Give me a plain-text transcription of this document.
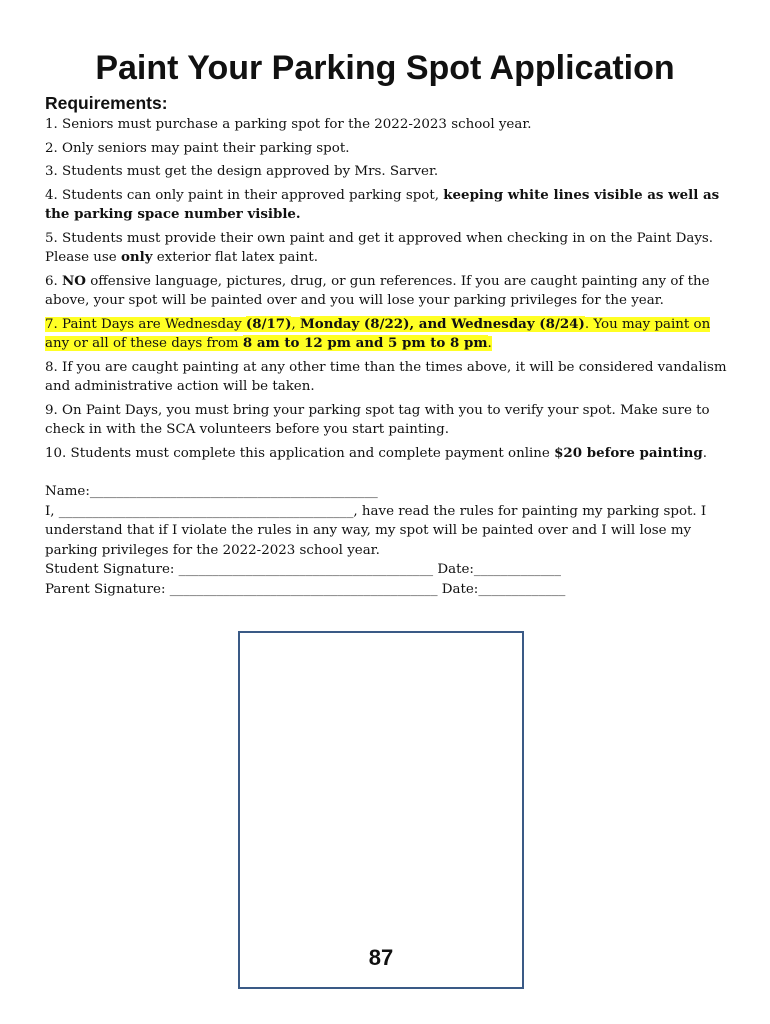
Paint Your Parking Spot Application
Requirements:

1. Seniors must purchase a parking spot for the 2022-2023 school year.

2. Only seniors may paint their parking spot.

3. Students must get the design approved by Mrs. Sarver.

4. Students can only paint in their approved parking spot, keeping white lines visible as well as the parking space number visible.

5. Students must provide their own paint and get it approved when checking in on the Paint Days. Please use only exterior flat latex paint.

6. NO offensive language, pictures, drug, or gun references. If you are caught painting any of the above, your spot will be painted over and you will lose your parking privileges for the year.

7. Paint Days are Wednesday (8/17), Monday (8/22), and Wednesday (8/24). You may paint on any or all of these days from 8 am to 12 pm and 5 pm to 8 pm.

8. If you are caught painting at any other time than the times above, it will be considered vandalism and administrative action will be taken.

9. On Paint Days, you must bring your parking spot tag with you to verify your spot. Make sure to check in with the SCA volunteers before you start painting.

10. Students must complete this application and complete payment online $20 before painting.

Name:___________________________________________

I, ____________________________________________, have read the rules for painting my parking spot. I understand that if I violate the rules in any way, my spot will be painted over and I will lose my parking privileges for the 2022-2023 school year.

Student Signature: ______________________________________ Date:_____________

Parent Signature: ________________________________________ Date:_____________

87
